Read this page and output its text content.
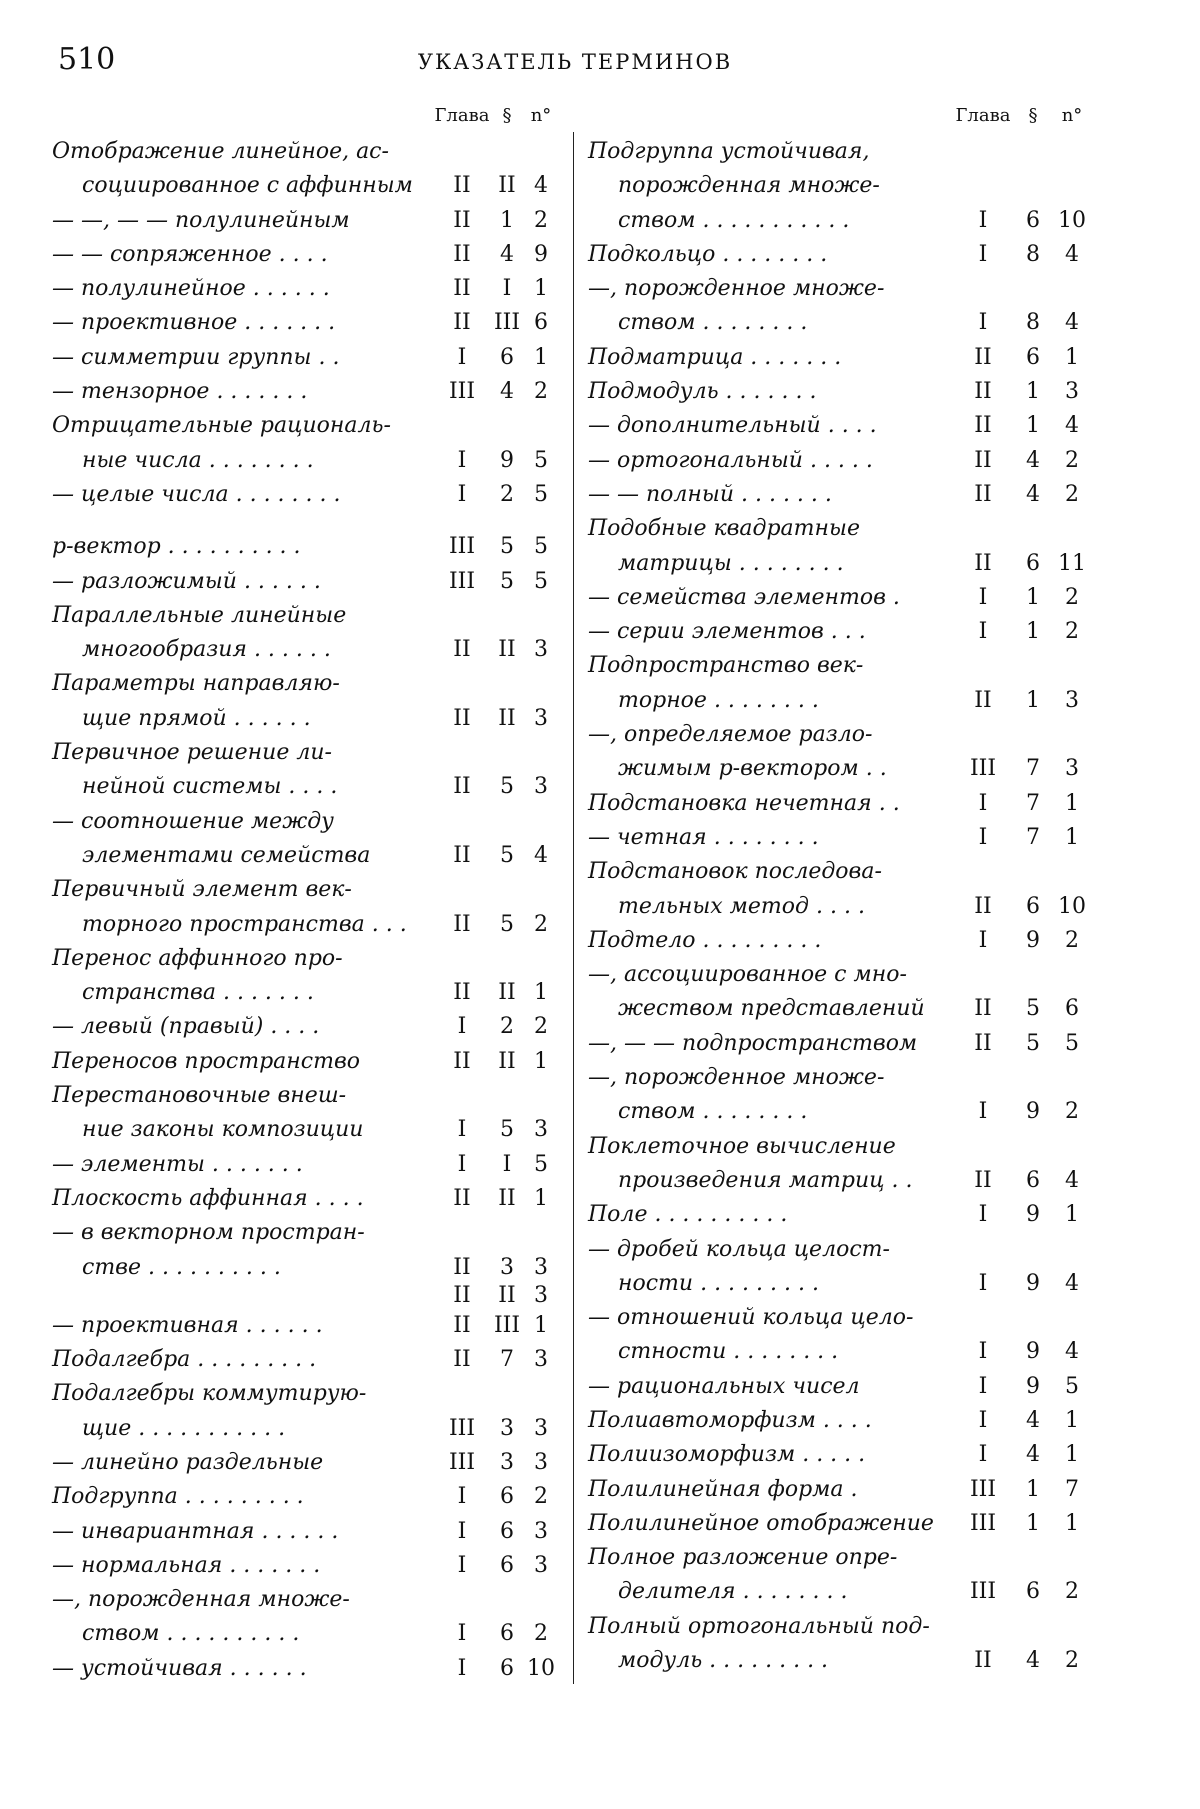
510	УКАЗАТЕЛЬ ТЕРМИНОВ
Глава §	n°
Отображение линейное, ас-
социированное с аффинным	II	II 4
— —, — — полулинейным	II	1 2
— — сопряженное . . . .	II	4 9
— полулинейное . . . . . .	II	I	1
— проективное . . . . . . .	II	III 6
— симметрии группы . .	I	6 1
— тензорное . . . . . . .	III	4 2
Отрицательные рациональ-
ные числа . . . . . . . .	I	9 5
— целые числа . . . . . . . .	I	2 5
p-вектор . . . . . . . . . .	III	5 5
— разложимый . . . . . .	III	5 5
Параллельные линейные
многообразия . . . . . .	II	II 3
Параметры направляю-
щие прямой . . . . . .	II	II 3
Первичное решение ли-
нейной системы . . . .	II	5 3
— соотношение между
элементами семейства	II	5 4
Первичный элемент век-
торного пространства . . .	II	5 2
Перенос аффинного про-
странства . . . . . . .	II	II 1
— левый (правый) . . . .	I	2 2
Переносов пространство	II	II 1
Перестановочные внеш-
ние законы композиции	I	5 3
— элементы . . . . . . .	I	I	5
Плоскость аффинная . . . .	II	II 1
— в векторном простран-
стве . . . . . . . . . .	II	3 3
II	II 3
— проективная . . . . . .	II	III 1
Подалгебра . . . . . . . . .	II	7 3
Подалгебры коммутирую-
щие . . . . . . . . . . .	III	3 3
— линейно раздельные	III	3 3
Подгруппа . . . . . . . . .	I	6 2
— инвариантная . . . . . .	I	6 3
— нормальная . . . . . . .	I	6 3
—, порожденная множе-
ством . . . . . . . . . .	I	6 2
— устойчивая . . . . . .	I	6 10
Глава	§	n°
Подгруппа устойчивая,
порожденная множе-
ством . . . . . . . . . . .	I	6 10
Подкольцо . . . . . . . .	I	8	4
—, порожденное множе-
ством . . . . . . . .	I	8	4
Подматрица . . . . . . .	II	6	1
Подмодуль . . . . . . .	II	1	3
— дополнительный . . . .	II	1	4
— ортогональный . . . . .	II	4	2
— — полный . . . . . . .	II	4	2
Подобные квадратные
матрицы . . . . . . . .	II	6 11
— семейства элементов .	I	1	2
— серии элементов . . .	I	1	2
Подпространство век-
торное . . . . . . . .	II	1	3
—, определяемое разло-
жимым p-вектором . .	III	7	3
Подстановка нечетная . .	I	7	1
— четная . . . . . . . .	I	7	1
Подстановок последова-
тельных метод . . . .	II	6 10
Подтело . . . . . . . . .	I	9	2
—, ассоциированное с мно-
жеством представлений	II	5	6
—, — — подпространством	II	5	5
—, порожденное множе-
ством . . . . . . . .	I	9	2
Поклеточное вычисление
произведения матриц . .	II	6	4
Поле . . . . . . . . . .	I	9	1
— дробей кольца целост-
ности . . . . . . . . .	I	9	4
— отношений кольца цело-
стности . . . . . . . .	I	9	4
— рациональных чисел	I	9	5
Полиавтоморфизм . . . .	I	4	1
Полиизоморфизм . . . . .	I	4	1
Полилинейная форма .	III	1	7
Полилинейное отображение	III	1	1
Полное разложение опре-
делителя . . . . . . . .	III	6	2
Полный ортогональный под-
модуль . . . . . . . . .	II	4	2
